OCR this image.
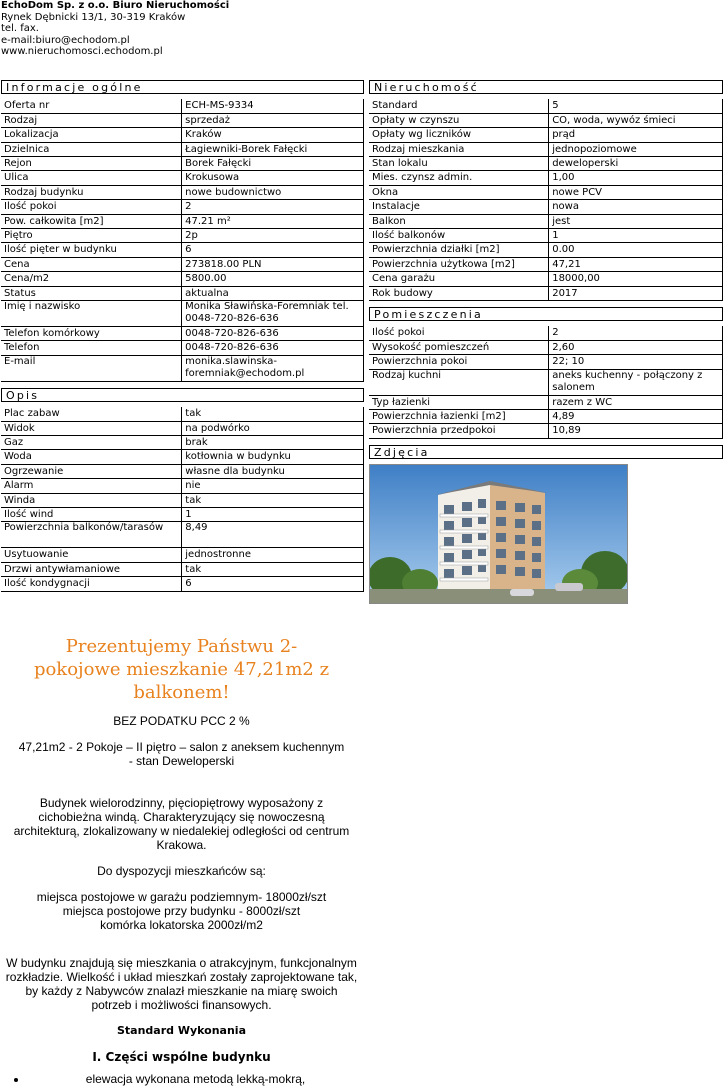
EchoDom Sp. z o.o. Biuro Nieruchomości
Rynek Dębnicki 13/1, 30-319 Kraków
tel. fax.
e-mail:biuro@echodom.pl
www.nieruchomosci.echodom.pl
Informacje ogólne
Oferta nr	ECH-MS-9334
Rodzaj	sprzedaż
Lokalizacja	Kraków
Dzielnica	Łagiewniki-Borek Fałęcki
Rejon	Borek Fałęcki
Ulica	Krokusowa
Rodzaj budynku	nowe budownictwo
Ilość pokoi	2
Pow. całkowita [m2]	47.21 m²
Piętro	2p
Ilość pięter w budynku	6
Cena	273818.00 PLN
Cena/m2	5800.00
Status	aktualna
Imię i nazwisko	Monika Sławińska-Foremniak tel. 0048-720-826-636
Telefon komórkowy	0048-720-826-636
Telefon	0048-720-826-636
E-mail	monika.slawinska-foremniak@echodom.pl
Opis
Plac zabaw	tak
Widok	na podwórko
Gaz	brak
Woda	kotłownia w budynku
Ogrzewanie	własne dla budynku
Alarm	nie
Winda	tak
Ilość wind	1
Powierzchnia balkonów/tarasów	8,49
Usytuowanie	jednostronne
Drzwi antywłamaniowe	tak
Ilość kondygnacji	6
Nieruchomość
Standard	5
Opłaty w czynszu	CO, woda, wywóz śmieci
Opłaty wg liczników	prąd
Rodzaj mieszkania	jednopoziomowe
Stan lokalu	deweloperski
Mies. czynsz admin.	1,00
Okna	nowe PCV
Instalacje	nowa
Balkon	jest
Ilość balkonów	1
Powierzchnia działki [m2]	0.00
Powierzchnia użytkowa [m2]	47,21
Cena garażu	18000,00
Rok budowy	2017
Pomieszczenia
Ilość pokoi	2
Wysokość pomieszczeń	2,60
Powierzchnia pokoi	22; 10
Rodzaj kuchni	aneks kuchenny - połączony z salonem
Typ łazienki	razem z WC
Powierzchnia łazienki [m2]	4,89
Powierzchnia przedpokoi	10,89
Zdjęcia

Prezentujemy Państwu 2-pokojowe mieszkanie 47,21m2 z balkonem!

BEZ PODATKU PCC 2 %

47,21m2 - 2 Pokoje – II piętro – salon z aneksem kuchennym - stan Deweloperski

Budynek wielorodzinny, pięciopiętrowy wyposażony z cichobieżna windą. Charakteryzujący się nowoczesną architekturą, zlokalizowany w niedalekiej odległości od centrum Krakowa.

Do dyspozycji mieszkańców są:

miejsca postojowe w garażu podziemnym- 18000zł/szt

miejsca postojowe przy budynku - 8000zł/szt

komórka lokatorska 2000zł/m2

W budynku znajdują się mieszkania o atrakcyjnym, funkcjonalnym rozkładzie. Wielkość i układ mieszkań zostały zaprojektowane tak, by każdy z Nabywców znalazł mieszkanie na miarę swoich potrzeb i możliwości finansowych.

Standard Wykonania

I. Części wspólne budynku

• elewacja wykonana metodą lekką-mokrą,
